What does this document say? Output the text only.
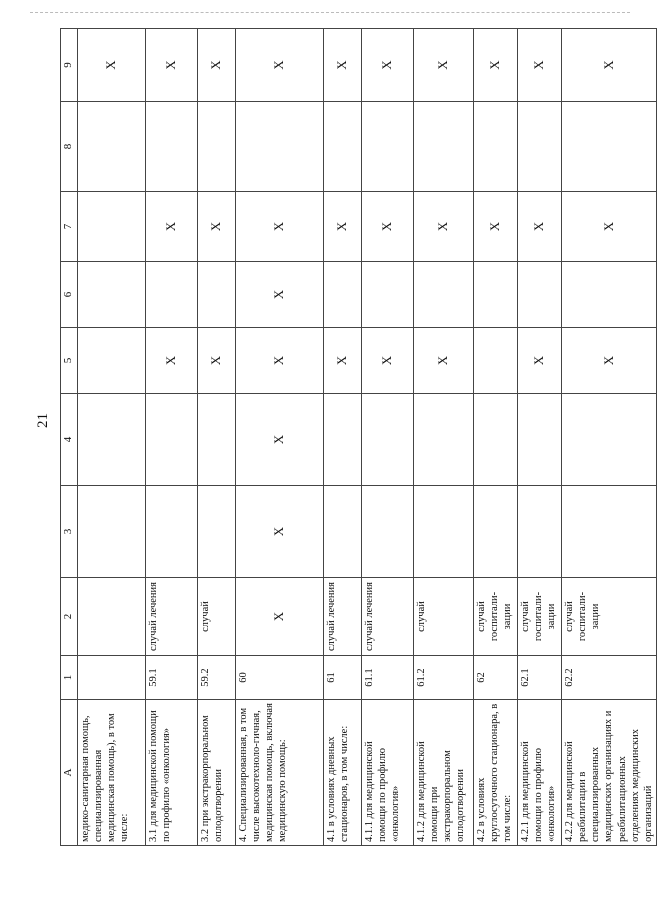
21
А	1	2	3	4	5	6	7	8	9
медико-санитарная помощь, специализированная медицинская помощь), в том числе:									Х
3.1 для медицинской помощи по профилю «онкология»	59.1	случай лечения			Х		Х		Х
3.2 при экстракорпоральном оплодотворении	59.2	случай			Х		Х		Х
4. Специализированная, в том числе высокотехноло-гичная, медицинская помощь, включая медицинскую помощь:	60	Х	Х	Х	Х	Х	Х		Х
4.1 в условиях дневных стационаров, в том числе:	61	случай лечения			Х		Х		Х
4.1.1 для медицинской помощи по профилю «онкология»	61.1	случай лечения			Х		Х		Х
4.1.2 для медицинской помощи при экстракорпоральном оплодотворении	61.2	случай			Х		Х		Х
4.2 в условиях круглосуточного стационара, в том числе:	62	случай госпитали-зации					Х		Х
4.2.1 для медицинской помощи по профилю «онкология»	62.1	случай госпитали-зации			Х		Х		Х
4.2.2 для медицинской реабилитации в специализированных медицинских организациях и реабилитационных отделениях медицинских организаций	62.2	случай госпитали-зации			Х		Х		Х
